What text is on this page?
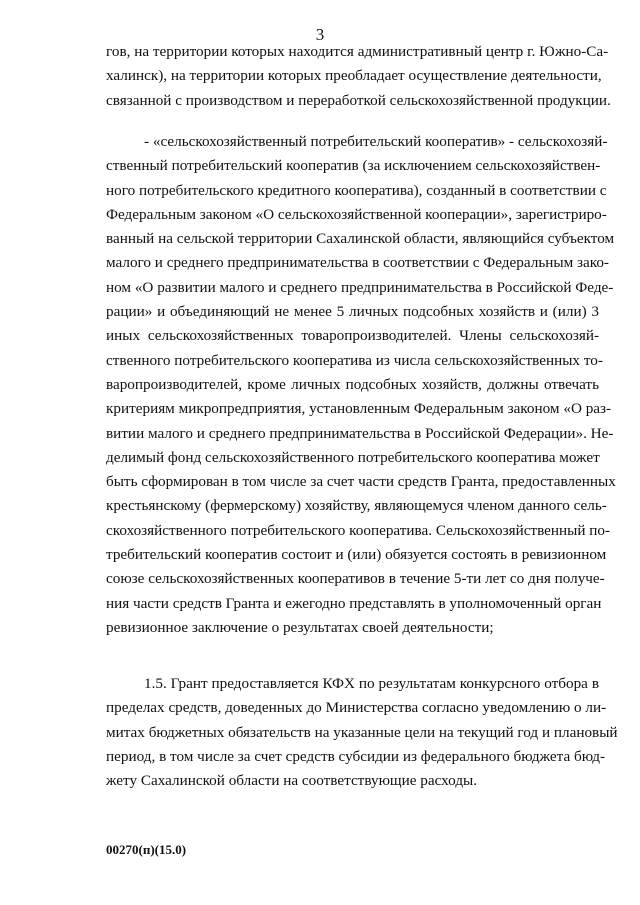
3
гов, на территории которых находится административный центр г. Южно-Са-
халинск), на территории которых преобладает осуществление деятельности,
связанной с производством и переработкой сельскохозяйственной продукции.
- «сельскохозяйственный потребительский кооператив» - сельскохозяй-
ственный потребительский кооператив (за исключением сельскохозяйствен-
ного потребительского кредитного кооператива), созданный в соответствии с
Федеральным законом «О сельскохозяйственной кооперации», зарегистриро-
ванный на сельской территории Сахалинской области, являющийся субъектом
малого и среднего предпринимательства в соответствии с Федеральным зако-
ном «О развитии малого и среднего предпринимательства в Российской Феде-
рации» и объединяющий не менее 5 личных подсобных хозяйств и (или) 3
иных сельскохозяйственных товаропроизводителей. Члены сельскохозяй-
ственного потребительского кооператива из числа сельскохозяйственных то-
варопроизводителей, кроме личных подсобных хозяйств, должны отвечать
критериям микропредприятия, установленным Федеральным законом «О раз-
витии малого и среднего предпринимательства в Российской Федерации». Не-
делимый фонд сельскохозяйственного потребительского кооператива может
быть сформирован в том числе за счет части средств Гранта, предоставленных
крестьянскому (фермерскому) хозяйству, являющемуся членом данного сель-
скохозяйственного потребительского кооператива. Сельскохозяйственный по-
требительский кооператив состоит и (или) обязуется состоять в ревизионном
союзе сельскохозяйственных кооперативов в течение 5-ти лет со дня получе-
ния части средств Гранта и ежегодно представлять в уполномоченный орган
ревизионное заключение о результатах своей деятельности;
1.5. Грант предоставляется КФХ по результатам конкурсного отбора в
пределах средств, доведенных до Министерства согласно уведомлению о ли-
митах бюджетных обязательств на указанные цели на текущий год и плановый
период, в том числе за счет средств субсидии из федерального бюджета бюд-
жету Сахалинской области на соответствующие расходы.
00270(п)(15.0)
